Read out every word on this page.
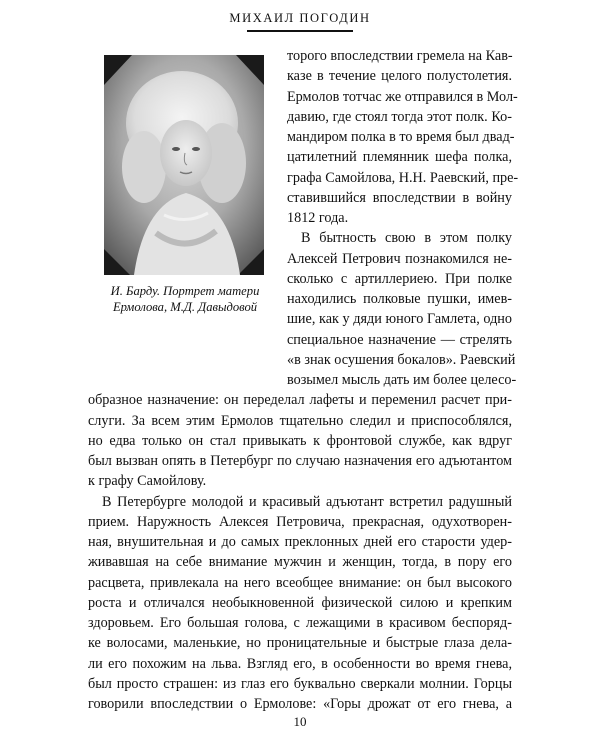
МИХАИЛ ПОГОДИН
И. Барду. Портрет матери
Ермолова, М.Д. Давыдовой
торого впоследствии гремела на Кав-
казе в течение целого полустолетия.
Ермолов тотчас же отправился в Мол-
давию, где стоял тогда этот полк. Ко-
мандиром полка в то время был двад-
цатилетний племянник шефа полка,
графа Самойлова, Н.Н. Раевский, пре-
ставившийся впоследствии в войну
1812 года.
В бытность свою в этом полку
Алексей Петрович познакомился не-
сколько с артиллериею. При полке
находились полковые пушки, имев-
шие, как у дяди юного Гамлета, одно
специальное назначение — стрелять
«в знак осушения бокалов». Раевский
возымел мысль дать им более целесо-
образное назначение: он переделал лафеты и переменил расчет при-
слуги. За всем этим Ермолов тщательно следил и приспособлялся,
но едва только он стал привыкать к фронтовой службе, как вдруг
был вызван опять в Петербург по случаю назначения его адъютантом
к графу Самойлову.
В Петербурге молодой и красивый адъютант встретил радушный
прием. Наружность Алексея Петровича, прекрасная, одухотворен-
ная, внушительная и до самых преклонных дней его старости удер-
живавшая на себе внимание мужчин и женщин, тогда, в пору его
расцвета, привлекала на него всеобщее внимание: он был высокого
роста и отличался необыкновенной физической силою и крепким
здоровьем. Его большая голова, с лежащими в красивом беспоряд-
ке волосами, маленькие, но проницательные и быстрые глаза дела-
ли его похожим на льва. Взгляд его, в особенности во время гнева,
был просто страшен: из глаз его буквально сверкали молнии. Горцы
говорили впоследствии о Ермолове: «Горы дрожат от его гнева, а
10
